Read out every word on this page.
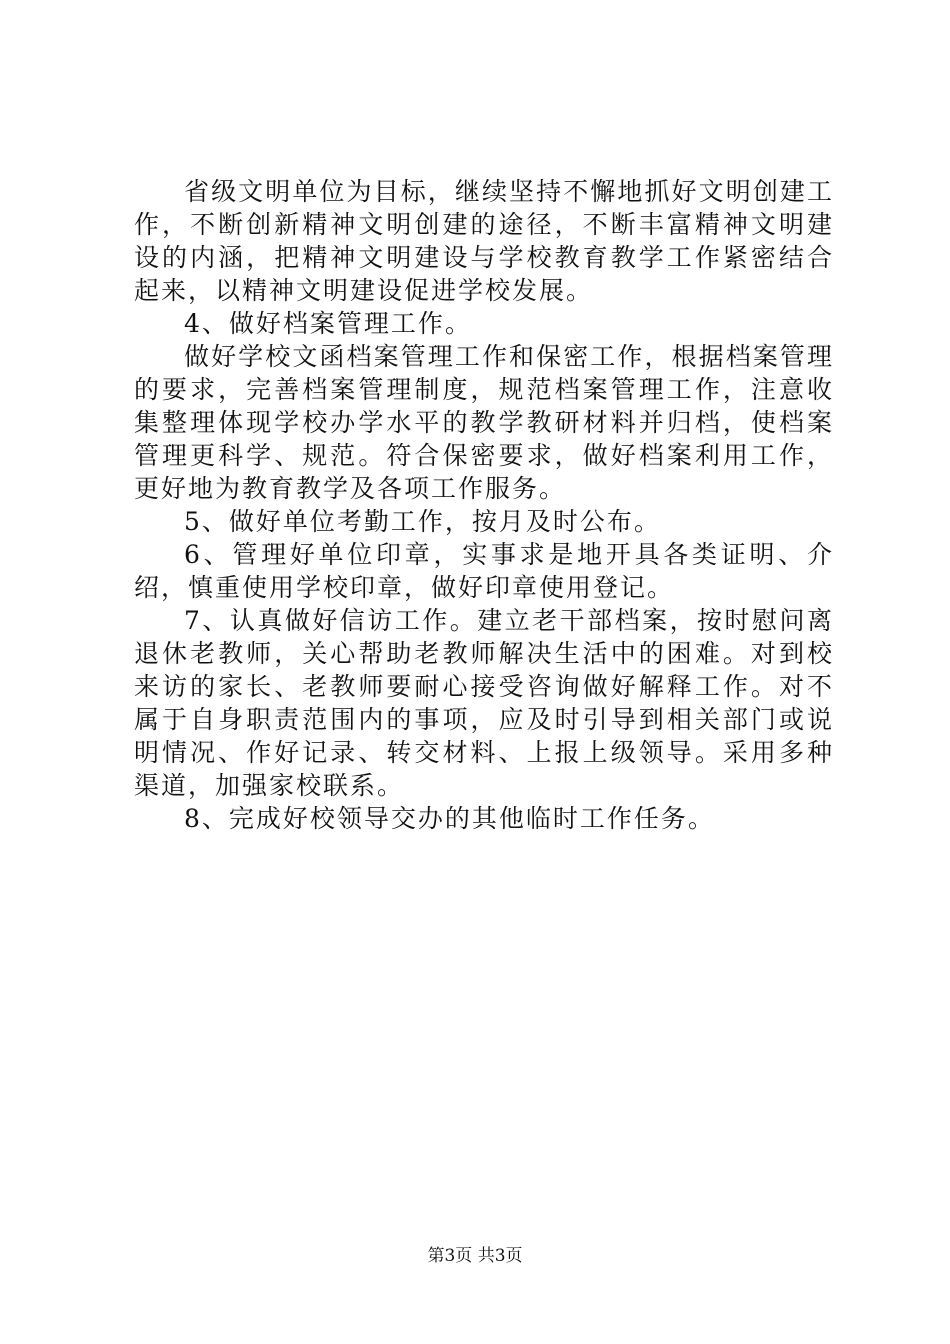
省级文明单位为目标，继续坚持不懈地抓好文明创建工作，不断创新精神文明创建的途径，不断丰富精神文明建设的内涵，把精神文明建设与学校教育教学工作紧密结合起来，以精神文明建设促进学校发展。

4、做好档案管理工作。

做好学校文函档案管理工作和保密工作，根据档案管理的要求，完善档案管理制度，规范档案管理工作，注意收集整理体现学校办学水平的教学教研材料并归档，使档案管理更科学、规范。符合保密要求，做好档案利用工作，更好地为教育教学及各项工作服务。

5、做好单位考勤工作，按月及时公布。

6、管理好单位印章，实事求是地开具各类证明、介绍，慎重使用学校印章，做好印章使用登记。

7、认真做好信访工作。建立老干部档案，按时慰问离退休老教师，关心帮助老教师解决生活中的困难。对到校来访的家长、老教师要耐心接受咨询做好解释工作。对不属于自身职责范围内的事项，应及时引导到相关部门或说明情况、作好记录、转交材料、上报上级领导。采用多种渠道，加强家校联系。

8、完成好校领导交办的其他临时工作任务。

第3页 共3页
